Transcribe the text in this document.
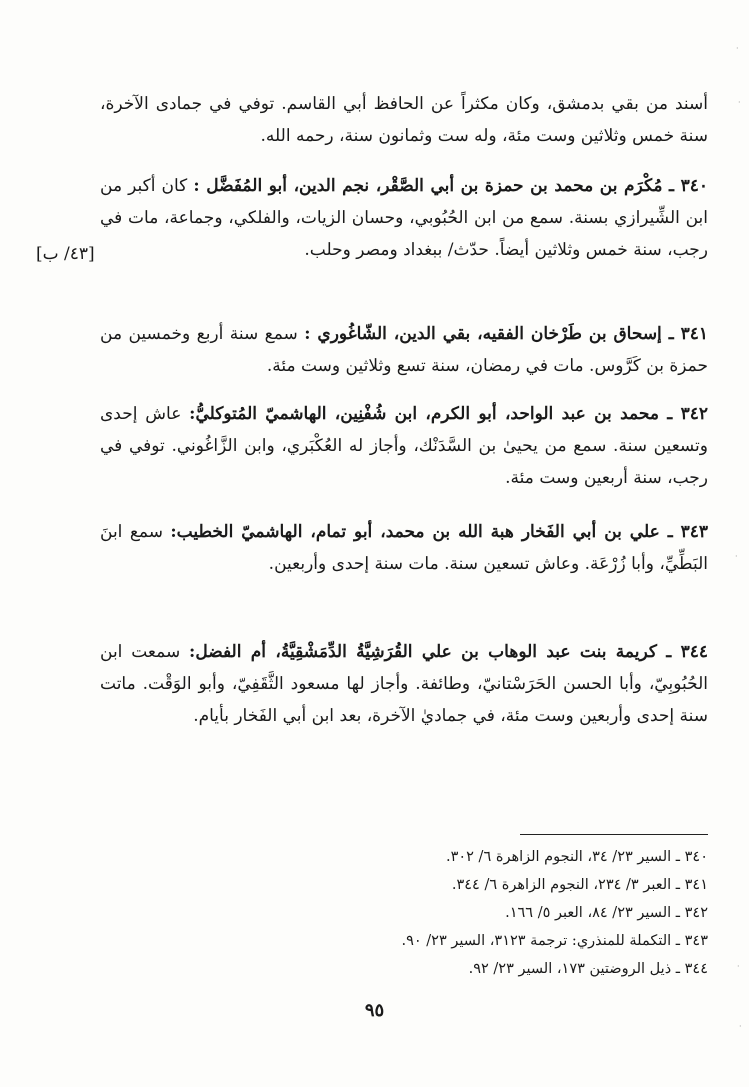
أسند من بقي بدمشق، وكان مكثراً عن الحافظ أبي القاسم. توفي في جمادى الآخرة، سنة خمس وثلاثين وست مئة، وله ست وثمانون سنة، رحمه الله.

٣٤٠ ـ مُكْرَم بن محمد بن حمزة بن أبي الصَّقْر، نجم الدين، أبو المُفَضَّل : كان أكبر من ابن الشِّيرازي بسنة. سمع من ابن الحُبُوبي، وحسان الزيات، والفلكي، وجماعة، مات في رجب، سنة خمس وثلاثين أيضاً. حدّث/ ببغداد ومصر وحلب.

[٤٣/ ب]

٣٤١ ـ إسحاق بن طَرْخان الفقيه، بقي الدين، الشّاغُوري : سمع سنة أربع وخمسين من حمزة بن كَرَّوس. مات في رمضان، سنة تسع وثلاثين وست مئة.

٣٤٢ ـ محمد بن عبد الواحد، أبو الكرم، ابن شُفْنِين، الهاشميّ المُتوكليُّ: عاش إحدى وتسعين سنة. سمع من يحيىٰ بن السَّدَنْك، وأجاز له العُكْبَري، وابن الزَّاغُوني. توفي في رجب، سنة أربعين وست مئة.

٣٤٣ ـ علي بن أبي الفَخار هبة الله بن محمد، أبو تمام، الهاشميّ الخطيب: سمع ابنَ البَطِّيِّ، وأبا زُرْعَة. وعاش تسعين سنة. مات سنة إحدى وأربعين.

٣٤٤ ـ كريمة بنت عبد الوهاب بن علي القُرَشِيَّةُ الدِّمَشْقِيَّةُ، أم الفضل: سمعت ابن الحُبُوبِيّ، وأبا الحسن الحَرَسْتانيّ، وطائفة. وأجاز لها مسعود الثَّقَفِيّ، وأبو الوَقْت. ماتت سنة إحدى وأربعين وست مئة، في جماديٰ الآخرة، بعد ابن أبي الفَخار بأيام.

٣٤٠ ـ السير ٢٣/ ٣٤، النجوم الزاهرة ٦/ ٣٠٢.

٣٤١ ـ العبر ٣/ ٢٣٤، النجوم الزاهرة ٦/ ٣٤٤.

٣٤٢ ـ السير ٢٣/ ٨٤، العبر ٥/ ١٦٦.

٣٤٣ ـ التكملة للمنذري: ترجمة ٣١٢٣، السير ٢٣/ ٩٠.

٣٤٤ ـ ذيل الروضتين ١٧٣، السير ٢٣/ ٩٢.

٩٥
·
·
·
·
·
